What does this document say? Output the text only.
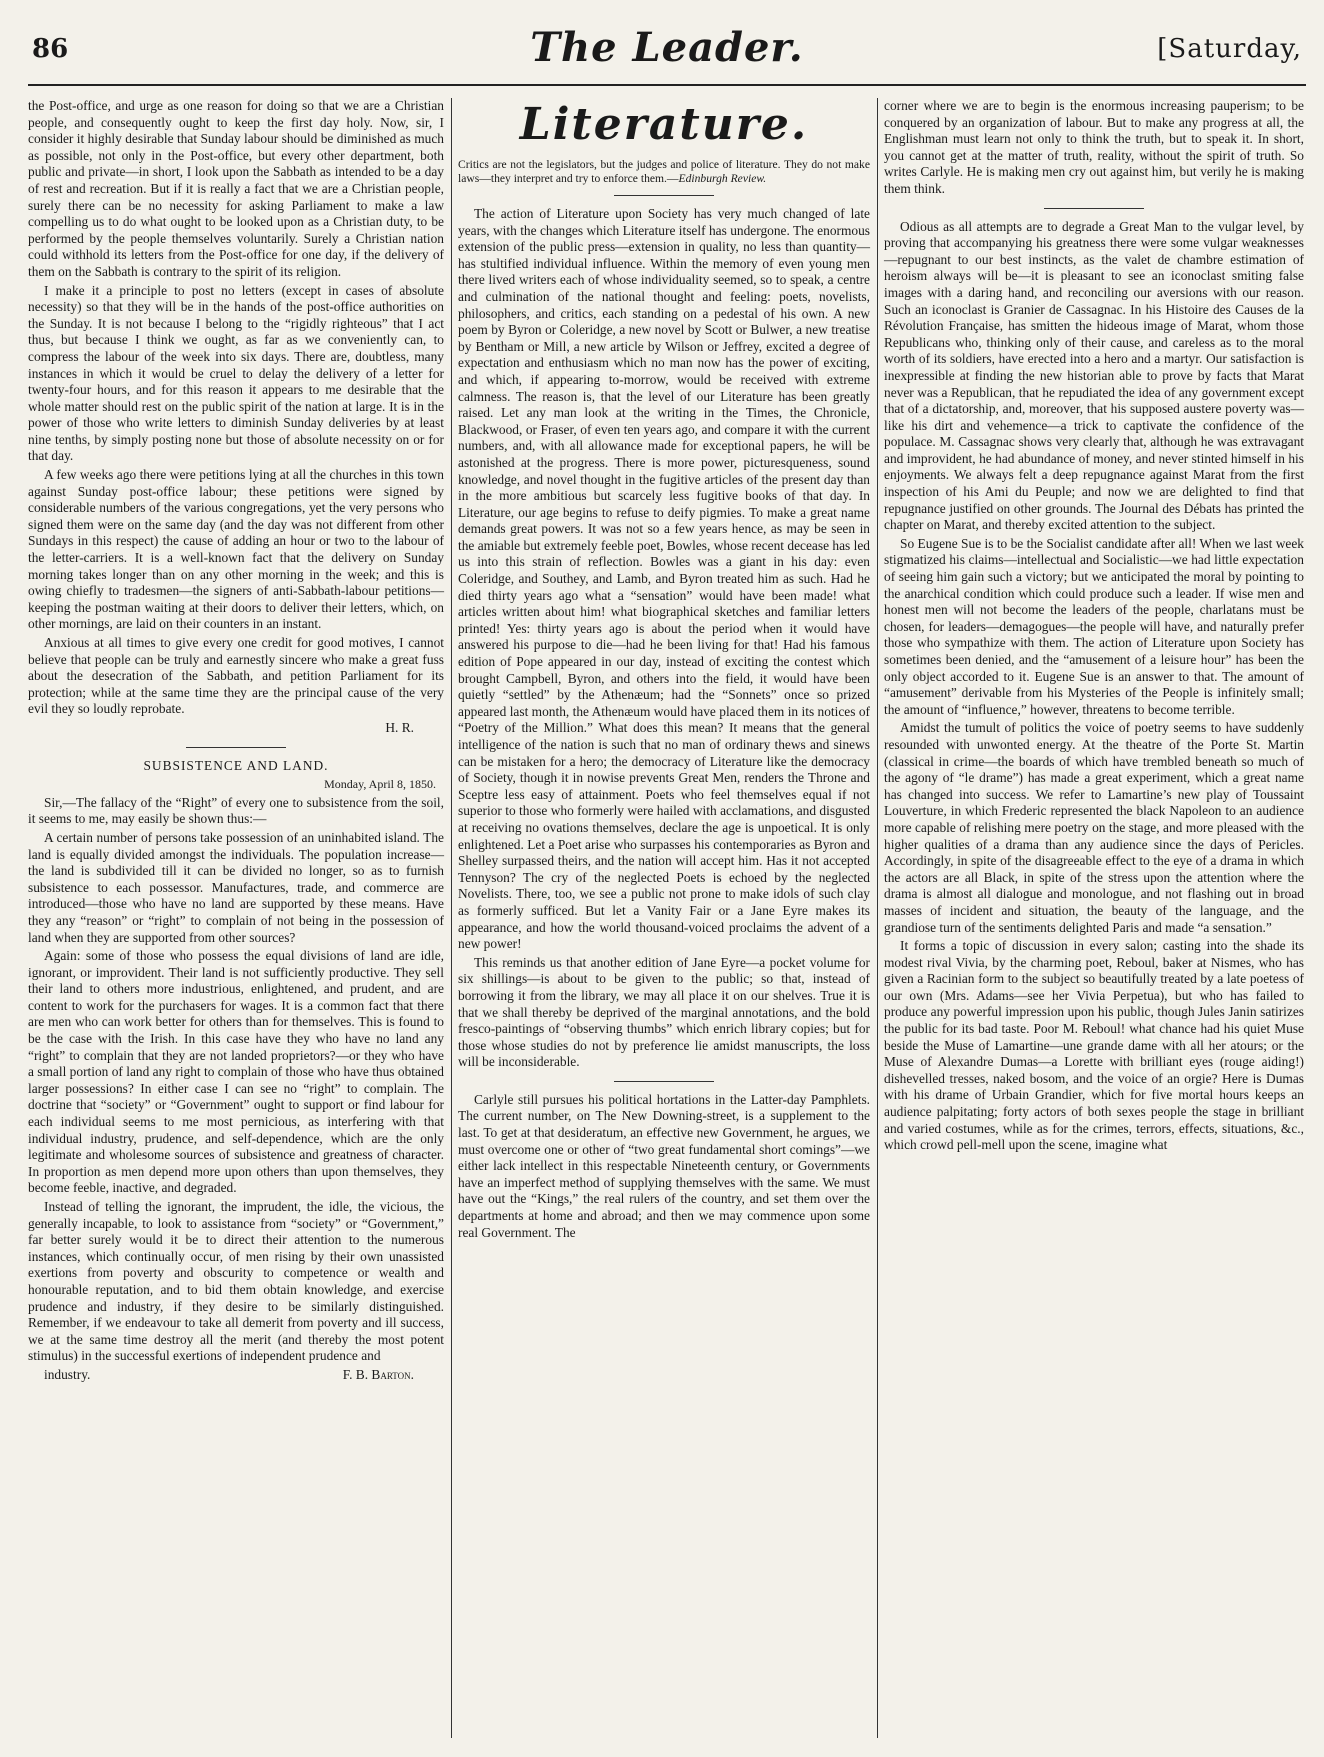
86	The Leader.	[Saturday,

the Post-office, and urge as one reason for doing so that we are a Christian people, and consequently ought to keep the first day holy. Now, sir, I consider it highly desirable that Sunday labour should be diminished as much as possible, not only in the Post-office, but every other department, both public and private—in short, I look upon the Sabbath as intended to be a day of rest and recreation. But if it is really a fact that we are a Christian people, surely there can be no necessity for asking Parliament to make a law compelling us to do what ought to be looked upon as a Christian duty, to be performed by the people themselves voluntarily. Surely a Christian nation could withhold its letters from the Post-office for one day, if the delivery of them on the Sabbath is contrary to the spirit of its religion.

I make it a principle to post no letters (except in cases of absolute necessity) so that they will be in the hands of the post-office authorities on the Sunday. It is not because I belong to the “rigidly righteous” that I act thus, but because I think we ought, as far as we conveniently can, to compress the labour of the week into six days. There are, doubtless, many instances in which it would be cruel to delay the delivery of a letter for twenty-four hours, and for this reason it appears to me desirable that the whole matter should rest on the public spirit of the nation at large. It is in the power of those who write letters to diminish Sunday deliveries by at least nine tenths, by simply posting none but those of absolute necessity on or for that day.

A few weeks ago there were petitions lying at all the churches in this town against Sunday post-office labour; these petitions were signed by considerable numbers of the various congregations, yet the very persons who signed them were on the same day (and the day was not different from other Sundays in this respect) the cause of adding an hour or two to the labour of the letter-carriers. It is a well-known fact that the delivery on Sunday morning takes longer than on any other morning in the week; and this is owing chiefly to tradesmen—the signers of anti-Sabbath-labour petitions—keeping the postman waiting at their doors to deliver their letters, which, on other mornings, are laid on their counters in an instant.

Anxious at all times to give every one credit for good motives, I cannot believe that people can be truly and earnestly sincere who make a great fuss about the desecration of the Sabbath, and petition Parliament for its protection; while at the same time they are the principal cause of the very evil they so loudly reprobate.

H. R.

SUBSISTENCE AND LAND.
Monday, April 8, 1850.

Sir,—The fallacy of the “Right” of every one to subsistence from the soil, it seems to me, may easily be shown thus:—

A certain number of persons take possession of an uninhabited island. The land is equally divided amongst the individuals. The population increase—the land is subdivided till it can be divided no longer, so as to furnish subsistence to each possessor. Manufactures, trade, and commerce are introduced—those who have no land are supported by these means. Have they any “reason” or “right” to complain of not being in the possession of land when they are supported from other sources?

Again: some of those who possess the equal divisions of land are idle, ignorant, or improvident. Their land is not sufficiently productive. They sell their land to others more industrious, enlightened, and prudent, and are content to work for the purchasers for wages. It is a common fact that there are men who can work better for others than for themselves. This is found to be the case with the Irish. In this case have they who have no land any “right” to complain that they are not landed proprietors?—or they who have a small portion of land any right to complain of those who have thus obtained larger possessions? In either case I can see no “right” to complain. The doctrine that “society” or “Government” ought to support or find labour for each individual seems to me most pernicious, as interfering with that individual industry, prudence, and self-dependence, which are the only legitimate and wholesome sources of subsistence and greatness of character. In proportion as men depend more upon others than upon themselves, they become feeble, inactive, and degraded.

Instead of telling the ignorant, the imprudent, the idle, the vicious, the generally incapable, to look to assistance from “society” or “Government,” far better surely would it be to direct their attention to the numerous instances, which continually occur, of men rising by their own unassisted exertions from poverty and obscurity to competence or wealth and honourable reputation, and to bid them obtain knowledge, and exercise prudence and industry, if they desire to be similarly distinguished. Remember, if we endeavour to take all demerit from poverty and ill success, we at the same time destroy all the merit (and thereby the most potent stimulus) in the successful exertions of independent prudence and

industry.	F. B. Barton.

Literature.

Critics are not the legislators, but the judges and police of literature. They do not make laws—they interpret and try to enforce them.—Edinburgh Review.

The action of Literature upon Society has very much changed of late years, with the changes which Literature itself has undergone. The enormous extension of the public press—extension in quality, no less than quantity—has stultified individual influence. Within the memory of even young men there lived writers each of whose individuality seemed, so to speak, a centre and culmination of the national thought and feeling: poets, novelists, philosophers, and critics, each standing on a pedestal of his own. A new poem by Byron or Coleridge, a new novel by Scott or Bulwer, a new treatise by Bentham or Mill, a new article by Wilson or Jeffrey, excited a degree of expectation and enthusiasm which no man now has the power of exciting, and which, if appearing to-morrow, would be received with extreme calmness. The reason is, that the level of our Literature has been greatly raised. Let any man look at the writing in the Times, the Chronicle, Blackwood, or Fraser, of even ten years ago, and compare it with the current numbers, and, with all allowance made for exceptional papers, he will be astonished at the progress. There is more power, picturesqueness, sound knowledge, and novel thought in the fugitive articles of the present day than in the more ambitious but scarcely less fugitive books of that day. In Literature, our age begins to refuse to deify pigmies. To make a great name demands great powers. It was not so a few years hence, as may be seen in the amiable but extremely feeble poet, Bowles, whose recent decease has led us into this strain of reflection. Bowles was a giant in his day: even Coleridge, and Southey, and Lamb, and Byron treated him as such. Had he died thirty years ago what a “sensation” would have been made! what articles written about him! what biographical sketches and familiar letters printed! Yes: thirty years ago is about the period when it would have answered his purpose to die—had he been living for that! Had his famous edition of Pope appeared in our day, instead of exciting the contest which brought Campbell, Byron, and others into the field, it would have been quietly “settled” by the Athenæum; had the “Sonnets” once so prized appeared last month, the Athenæum would have placed them in its notices of “Poetry of the Million.” What does this mean? It means that the general intelligence of the nation is such that no man of ordinary thews and sinews can be mistaken for a hero; the democracy of Literature like the democracy of Society, though it in nowise prevents Great Men, renders the Throne and Sceptre less easy of attainment. Poets who feel themselves equal if not superior to those who formerly were hailed with acclamations, and disgusted at receiving no ovations themselves, declare the age is unpoetical. It is only enlightened. Let a Poet arise who surpasses his contemporaries as Byron and Shelley surpassed theirs, and the nation will accept him. Has it not accepted Tennyson? The cry of the neglected Poets is echoed by the neglected Novelists. There, too, we see a public not prone to make idols of such clay as formerly sufficed. But let a Vanity Fair or a Jane Eyre makes its appearance, and how the world thousand-voiced proclaims the advent of a new power!

This reminds us that another edition of Jane Eyre—a pocket volume for six shillings—is about to be given to the public; so that, instead of borrowing it from the library, we may all place it on our shelves. True it is that we shall thereby be deprived of the marginal annotations, and the bold fresco-paintings of “observing thumbs” which enrich library copies; but for those whose studies do not by preference lie amidst manuscripts, the loss will be inconsiderable.

Carlyle still pursues his political hortations in the Latter-day Pamphlets. The current number, on The New Downing-street, is a supplement to the last. To get at that desideratum, an effective new Government, he argues, we must overcome one or other of “two great fundamental short comings”—we either lack intellect in this respectable Nineteenth century, or Governments have an imperfect method of supplying themselves with the same. We must have out the “Kings,” the real rulers of the country, and set them over the departments at home and abroad; and then we may commence upon some real Government. The

corner where we are to begin is the enormous increasing pauperism; to be conquered by an organization of labour. But to make any progress at all, the Englishman must learn not only to think the truth, but to speak it. In short, you cannot get at the matter of truth, reality, without the spirit of truth. So writes Carlyle. He is making men cry out against him, but verily he is making them think.

Odious as all attempts are to degrade a Great Man to the vulgar level, by proving that accompanying his greatness there were some vulgar weaknesses—repugnant to our best instincts, as the valet de chambre estimation of heroism always will be—it is pleasant to see an iconoclast smiting false images with a daring hand, and reconciling our aversions with our reason. Such an iconoclast is Granier de Cassagnac. In his Histoire des Causes de la Révolution Française, has smitten the hideous image of Marat, whom those Republicans who, thinking only of their cause, and careless as to the moral worth of its soldiers, have erected into a hero and a martyr. Our satisfaction is inexpressible at finding the new historian able to prove by facts that Marat never was a Republican, that he repudiated the idea of any government except that of a dictatorship, and, moreover, that his supposed austere poverty was—like his dirt and vehemence—a trick to captivate the confidence of the populace. M. Cassagnac shows very clearly that, although he was extravagant and improvident, he had abundance of money, and never stinted himself in his enjoyments. We always felt a deep repugnance against Marat from the first inspection of his Ami du Peuple; and now we are delighted to find that repugnance justified on other grounds. The Journal des Débats has printed the chapter on Marat, and thereby excited attention to the subject.

So Eugene Sue is to be the Socialist candidate after all! When we last week stigmatized his claims—intellectual and Socialistic—we had little expectation of seeing him gain such a victory; but we anticipated the moral by pointing to the anarchical condition which could produce such a leader. If wise men and honest men will not become the leaders of the people, charlatans must be chosen, for leaders—demagogues—the people will have, and naturally prefer those who sympathize with them. The action of Literature upon Society has sometimes been denied, and the “amusement of a leisure hour” has been the only object accorded to it. Eugene Sue is an answer to that. The amount of “amusement” derivable from his Mysteries of the People is infinitely small; the amount of “influence,” however, threatens to become terrible.

Amidst the tumult of politics the voice of poetry seems to have suddenly resounded with unwonted energy. At the theatre of the Porte St. Martin (classical in crime—the boards of which have trembled beneath so much of the agony of “le drame”) has made a great experiment, which a great name has changed into success. We refer to Lamartine’s new play of Toussaint Louverture, in which Frederic represented the black Napoleon to an audience more capable of relishing mere poetry on the stage, and more pleased with the higher qualities of a drama than any audience since the days of Pericles. Accordingly, in spite of the disagreeable effect to the eye of a drama in which the actors are all Black, in spite of the stress upon the attention where the drama is almost all dialogue and monologue, and not flashing out in broad masses of incident and situation, the beauty of the language, and the grandiose turn of the sentiments delighted Paris and made “a sensation.”

It forms a topic of discussion in every salon; casting into the shade its modest rival Vivia, by the charming poet, Reboul, baker at Nismes, who has given a Racinian form to the subject so beautifully treated by a late poetess of our own (Mrs. Adams—see her Vivia Perpetua), but who has failed to produce any powerful impression upon his public, though Jules Janin satirizes the public for its bad taste. Poor M. Reboul! what chance had his quiet Muse beside the Muse of Lamartine—une grande dame with all her atours; or the Muse of Alexandre Dumas—a Lorette with brilliant eyes (rouge aiding!) dishevelled tresses, naked bosom, and the voice of an orgie? Here is Dumas with his drame of Urbain Grandier, which for five mortal hours keeps an audience palpitating; forty actors of both sexes people the stage in brilliant and varied costumes, while as for the crimes, terrors, effects, situations, &c., which crowd pell-mell upon the scene, imagine what
